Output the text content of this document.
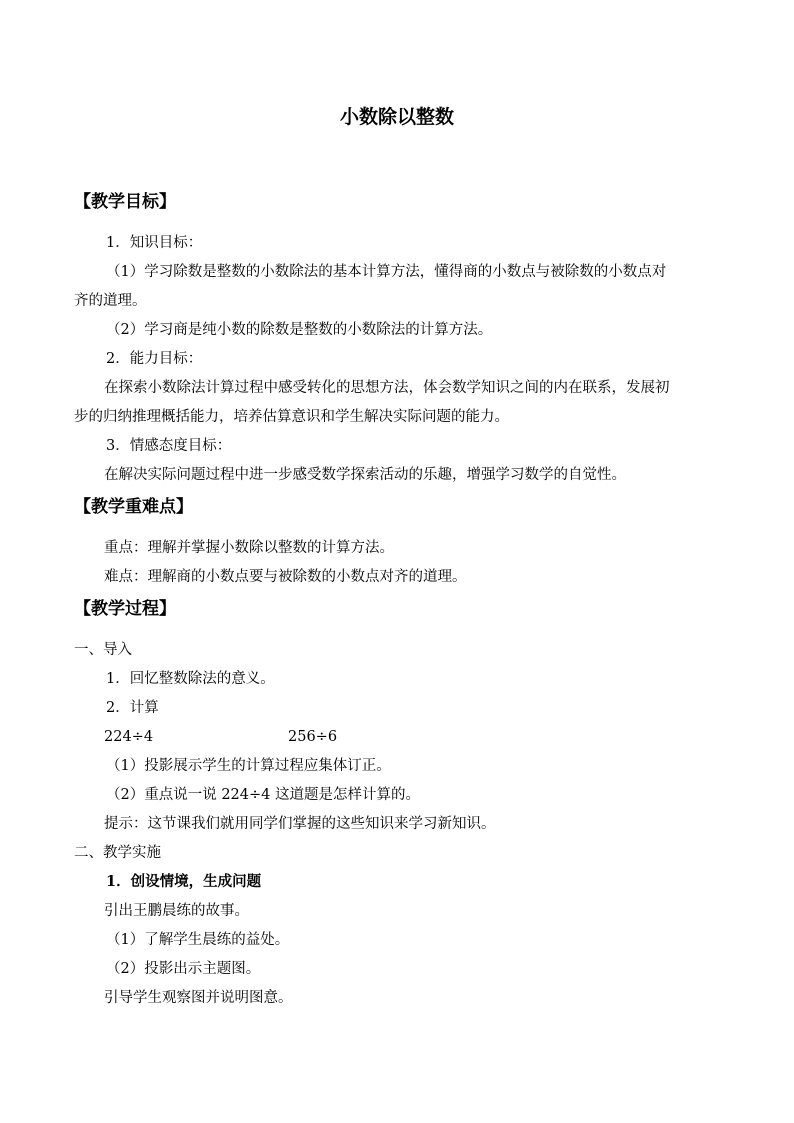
小数除以整数
【教学目标】
1．知识目标：
（1）学习除数是整数的小数除法的基本计算方法，懂得商的小数点与被除数的小数点对
齐的道理。
（2）学习商是纯小数的除数是整数的小数除法的计算方法。
2．能力目标：
在探索小数除法计算过程中感受转化的思想方法，体会数学知识之间的内在联系，发展初
步的归纳推理概括能力，培养估算意识和学生解决实际问题的能力。
3．情感态度目标：
在解决实际问题过程中进一步感受数学探索活动的乐趣，增强学习数学的自觉性。
【教学重难点】
重点：理解并掌握小数除以整数的计算方法。
难点：理解商的小数点要与被除数的小数点对齐的道理。
【教学过程】
一、导入
1．回忆整数除法的意义。
2．计算
224÷4	256÷6
（1）投影展示学生的计算过程应集体订正。
（2）重点说一说 224÷4 这道题是怎样计算的。
提示：这节课我们就用同学们掌握的这些知识来学习新知识。
二、教学实施
1．创设情境，生成问题
引出王鹏晨练的故事。
（1）了解学生晨练的益处。
（2）投影出示主题图。
引导学生观察图并说明图意。
